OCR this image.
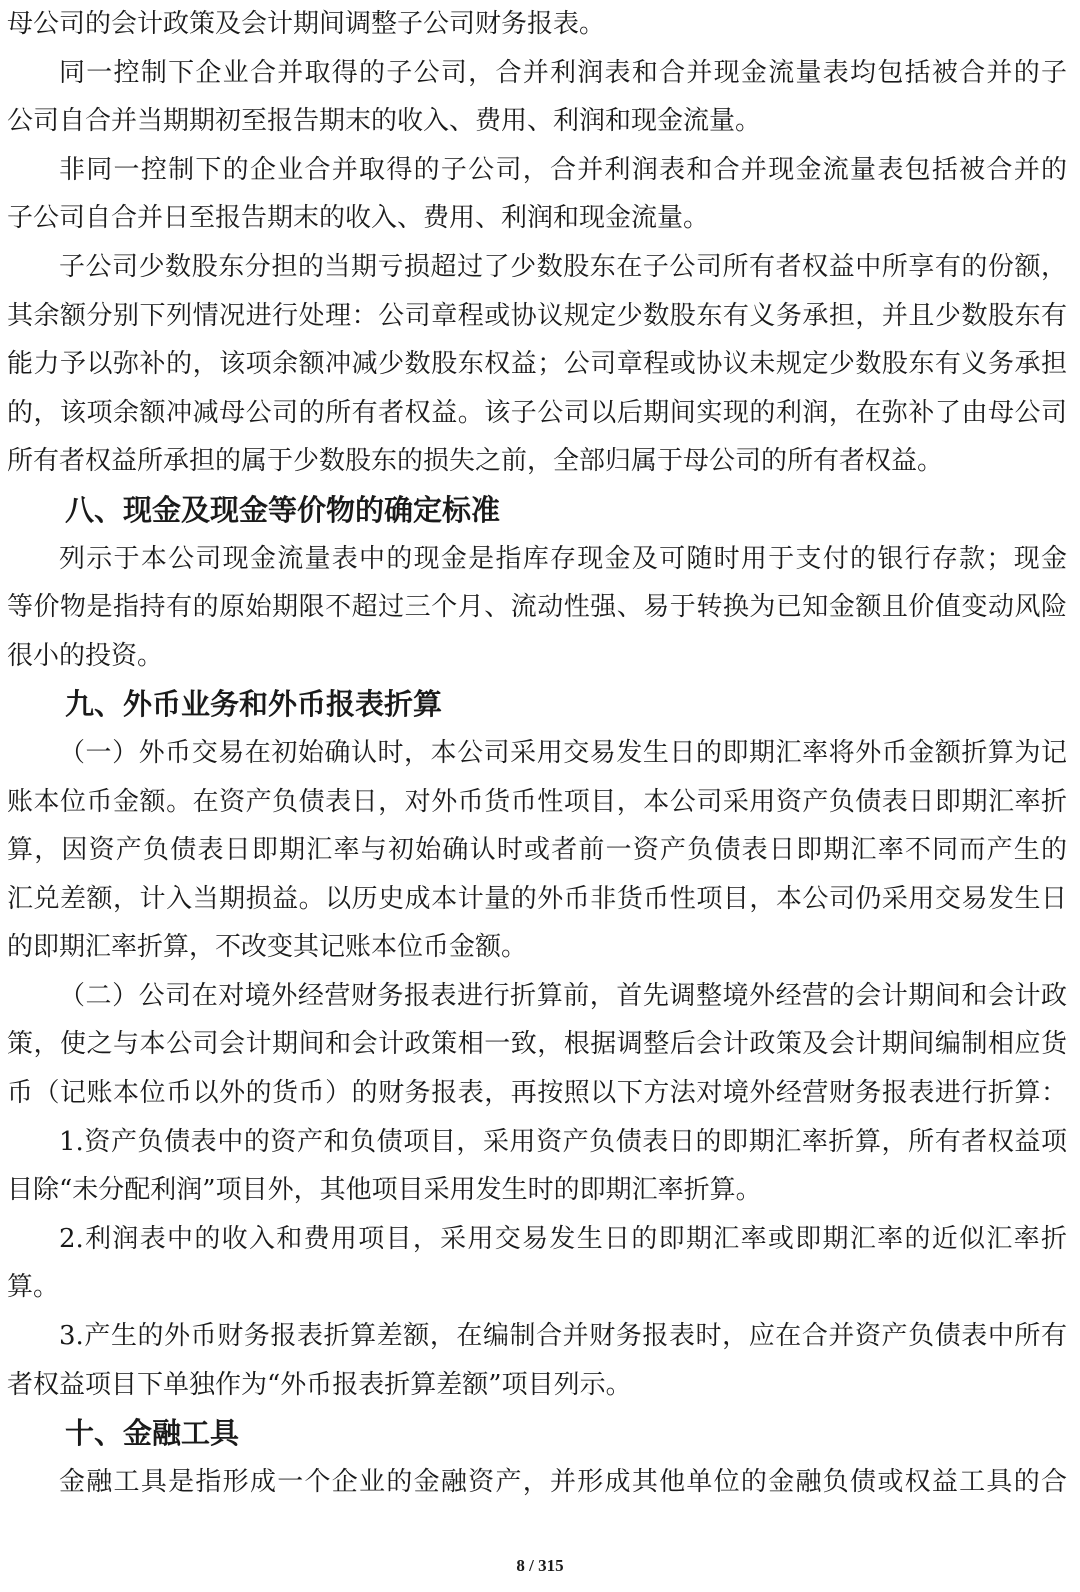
母公司的会计政策及会计期间调整子公司财务报表。
同一控制下企业合并取得的子公司，合并利润表和合并现金流量表均包括被合并的子
公司自合并当期期初至报告期末的收入、费用、利润和现金流量。
非同一控制下的企业合并取得的子公司，合并利润表和合并现金流量表包括被合并的
子公司自合并日至报告期末的收入、费用、利润和现金流量。
子公司少数股东分担的当期亏损超过了少数股东在子公司所有者权益中所享有的份额，
其余额分别下列情况进行处理：公司章程或协议规定少数股东有义务承担，并且少数股东有
能力予以弥补的，该项余额冲减少数股东权益；公司章程或协议未规定少数股东有义务承担
的，该项余额冲减母公司的所有者权益。该子公司以后期间实现的利润，在弥补了由母公司
所有者权益所承担的属于少数股东的损失之前，全部归属于母公司的所有者权益。
八、现金及现金等价物的确定标准
列示于本公司现金流量表中的现金是指库存现金及可随时用于支付的银行存款；现金
等价物是指持有的原始期限不超过三个月、流动性强、易于转换为已知金额且价值变动风险
很小的投资。
九、外币业务和外币报表折算
（一）外币交易在初始确认时，本公司采用交易发生日的即期汇率将外币金额折算为记
账本位币金额。在资产负债表日，对外币货币性项目，本公司采用资产负债表日即期汇率折
算，因资产负债表日即期汇率与初始确认时或者前一资产负债表日即期汇率不同而产生的
汇兑差额，计入当期损益。以历史成本计量的外币非货币性项目，本公司仍采用交易发生日
的即期汇率折算，不改变其记账本位币金额。
（二）公司在对境外经营财务报表进行折算前，首先调整境外经营的会计期间和会计政
策，使之与本公司会计期间和会计政策相一致，根据调整后会计政策及会计期间编制相应货
币（记账本位币以外的货币）的财务报表，再按照以下方法对境外经营财务报表进行折算：
1.资产负债表中的资产和负债项目，采用资产负债表日的即期汇率折算，所有者权益项
目除“未分配利润”项目外，其他项目采用发生时的即期汇率折算。
2.利润表中的收入和费用项目，采用交易发生日的即期汇率或即期汇率的近似汇率折
算。
3.产生的外币财务报表折算差额，在编制合并财务报表时，应在合并资产负债表中所有
者权益项目下单独作为“外币报表折算差额”项目列示。
十、金融工具
金融工具是指形成一个企业的金融资产，并形成其他单位的金融负债或权益工具的合
8 / 315
